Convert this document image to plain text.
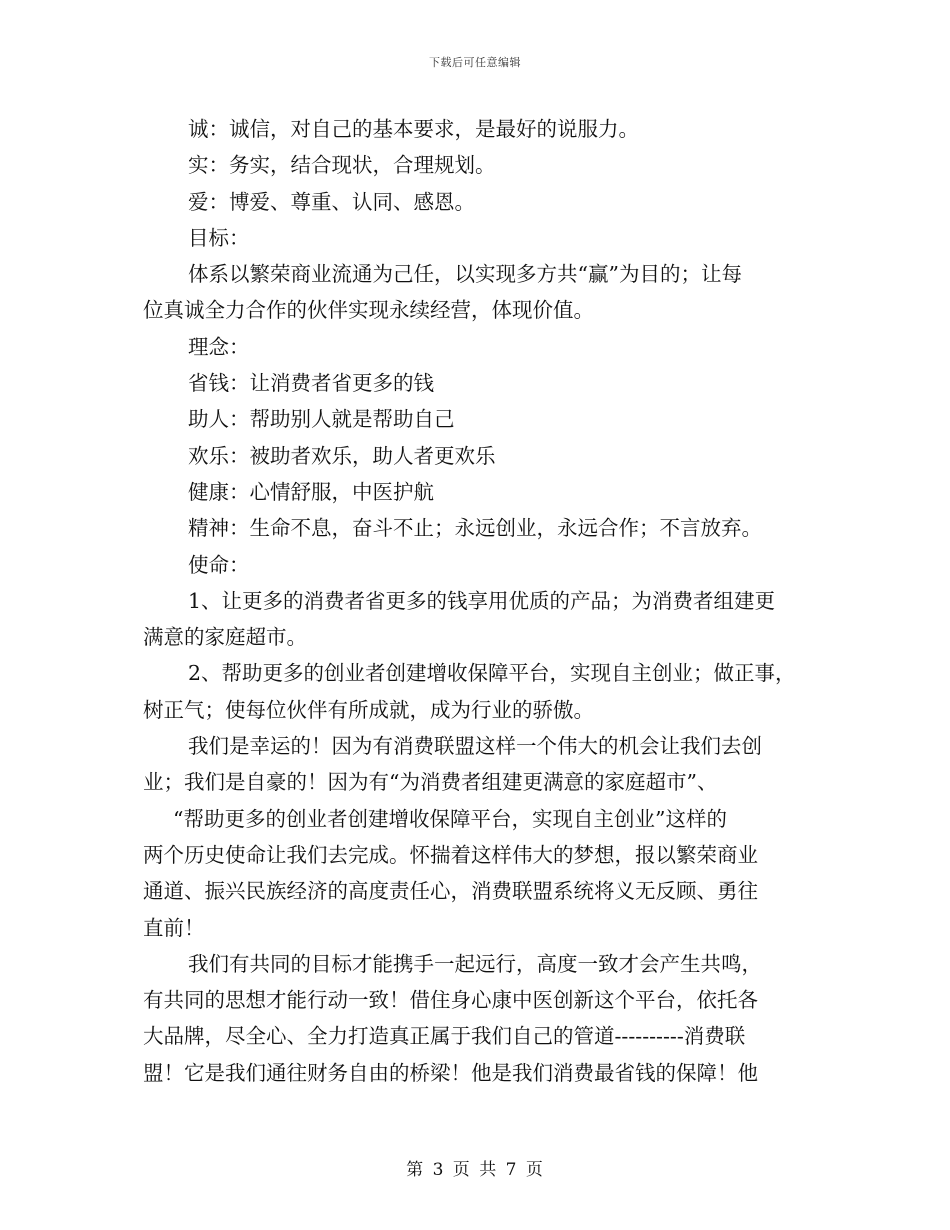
下载后可任意编辑
诚：诚信，对自己的基本要求，是最好的说服力。
实：务实，结合现状，合理规划。
爱：博爱、尊重、认同、感恩。
目标：
体系以繁荣商业流通为己任，以实现多方共“赢”为目的；让每
位真诚全力合作的伙伴实现永续经营，体现价值。
理念：
省钱：让消费者省更多的钱
助人：帮助别人就是帮助自己
欢乐：被助者欢乐，助人者更欢乐
健康：心情舒服，中医护航
精神：生命不息，奋斗不止；永远创业，永远合作；不言放弃。
使命：
1、让更多的消费者省更多的钱享用优质的产品；为消费者组建更
满意的家庭超市。
2、帮助更多的创业者创建增收保障平台，实现自主创业；做正事，
树正气；使每位伙伴有所成就，成为行业的骄傲。
我们是幸运的！因为有消费联盟这样一个伟大的机会让我们去创
业；我们是自豪的！因为有“为消费者组建更满意的家庭超市”、
“帮助更多的创业者创建增收保障平台，实现自主创业”这样的
两个历史使命让我们去完成。怀揣着这样伟大的梦想，报以繁荣商业
通道、振兴民族经济的高度责任心，消费联盟系统将义无反顾、勇往
直前！
我们有共同的目标才能携手一起远行，高度一致才会产生共鸣，
有共同的思想才能行动一致！借住身心康中医创新这个平台，依托各
大品牌，尽全心、全力打造真正属于我们自己的管道----------消费联
盟！它是我们通往财务自由的桥梁！他是我们消费最省钱的保障！他
第 3 页 共 7 页
